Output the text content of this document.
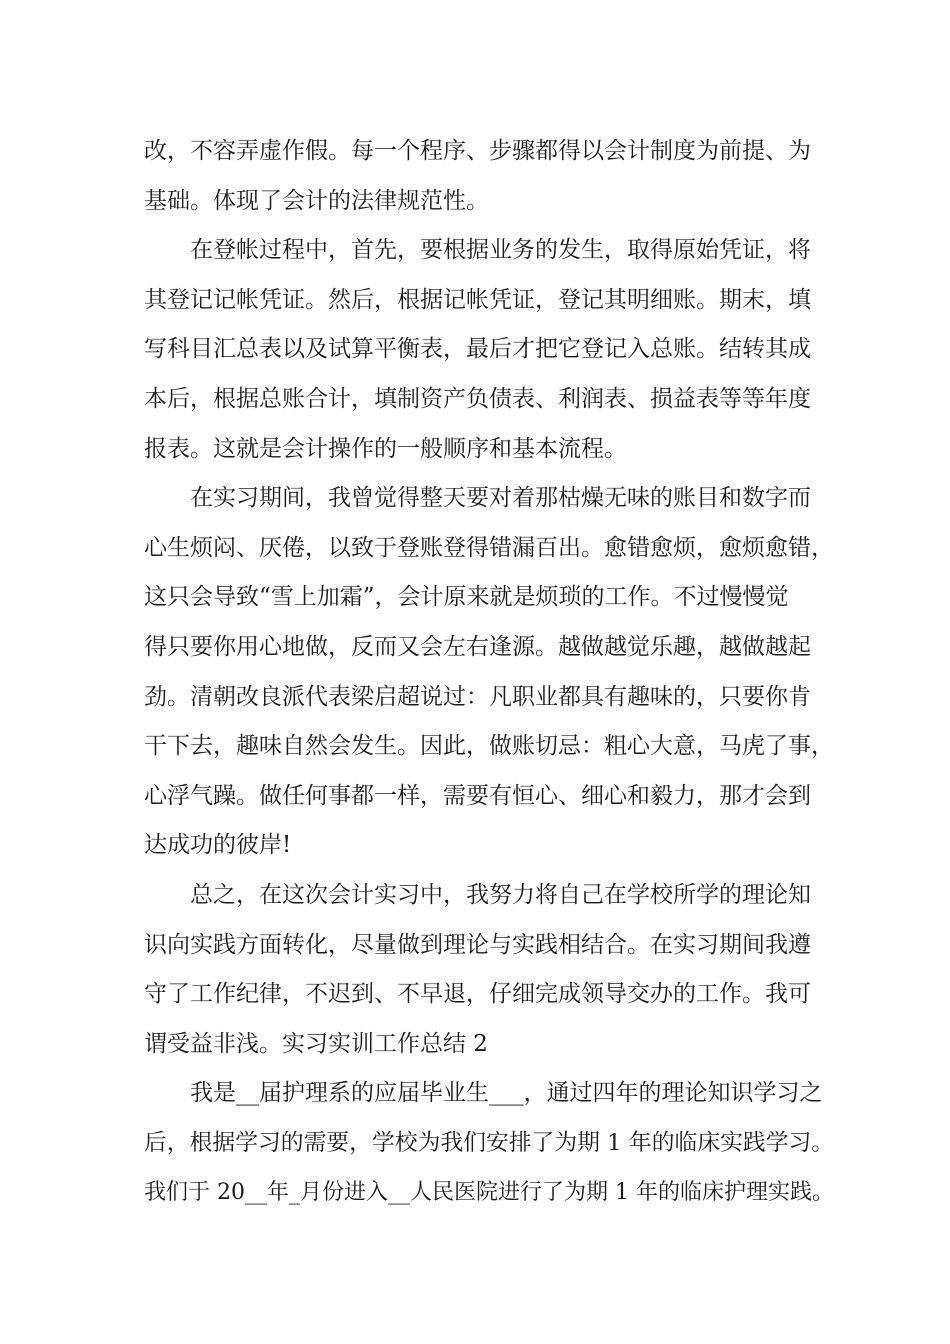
改，不容弄虚作假。每一个程序、步骤都得以会计制度为前提、为
基础。体现了会计的法律规范性。
在登帐过程中，首先，要根据业务的发生，取得原始凭证，将
其登记记帐凭证。然后，根据记帐凭证，登记其明细账。期末，填
写科目汇总表以及试算平衡表，最后才把它登记入总账。结转其成
本后，根据总账合计，填制资产负债表、利润表、损益表等等年度
报表。这就是会计操作的一般顺序和基本流程。
在实习期间，我曾觉得整天要对着那枯燥无味的账目和数字而
心生烦闷、厌倦，以致于登账登得错漏百出。愈错愈烦，愈烦愈错，
这只会导致“雪上加霜”，会计原来就是烦琐的工作。不过慢慢觉
得只要你用心地做，反而又会左右逢源。越做越觉乐趣，越做越起
劲。清朝改良派代表梁启超说过：凡职业都具有趣味的，只要你肯
干下去，趣味自然会发生。因此，做账切忌：粗心大意，马虎了事，
心浮气躁。做任何事都一样，需要有恒心、细心和毅力，那才会到
达成功的彼岸!
总之，在这次会计实习中，我努力将自己在学校所学的理论知
识向实践方面转化，尽量做到理论与实践相结合。在实习期间我遵
守了工作纪律，不迟到、不早退，仔细完成领导交办的工作。我可
谓受益非浅。实习实训工作总结 2
我是__届护理系的应届毕业生___，通过四年的理论知识学习之
后，根据学习的需要，学校为我们安排了为期 1 年的临床实践学习。
我们于 20__年_月份进入__人民医院进行了为期 1 年的临床护理实践。
